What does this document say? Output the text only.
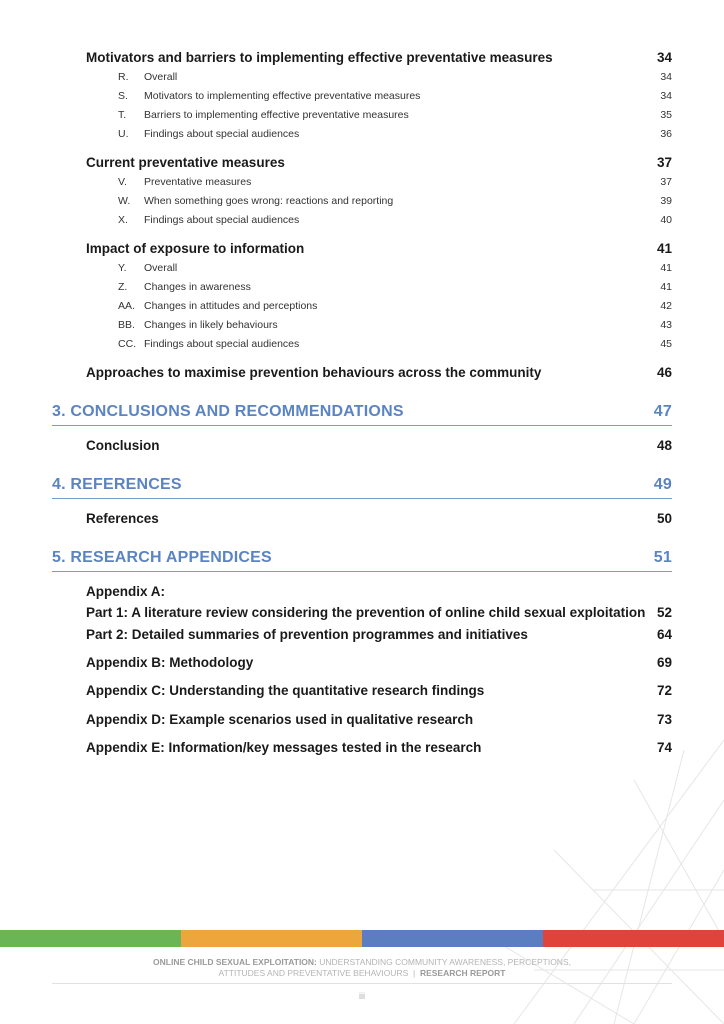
Motivators and barriers to implementing effective preventative measures	34
R.	Overall	34
S.	Motivators to implementing effective preventative measures	34
T.	Barriers to implementing effective preventative measures	35
U.	Findings about special audiences	36
Current preventative measures	37
V.	Preventative measures	37
W.	When something goes wrong: reactions and reporting	39
X.	Findings about special audiences	40
Impact of exposure to information	41
Y.	Overall	41
Z.	Changes in awareness	41
AA. Changes in attitudes and perceptions	42
BB. Changes in likely behaviours	43
CC. Findings about special audiences	45
Approaches to maximise prevention behaviours across the community	46
3. CONCLUSIONS AND RECOMMENDATIONS	47
Conclusion	48
4. REFERENCES	49
References	50
5. RESEARCH APPENDICES	51
Appendix A:
Part 1: A literature review considering the prevention of online child sexual exploitation 52
Part 2: Detailed summaries of prevention programmes and initiatives	64
Appendix B: Methodology	69
Appendix C: Understanding the quantitative research findings	72
Appendix D: Example scenarios used in qualitative research	73
Appendix E: Information/key messages tested in the research	74
ONLINE CHILD SEXUAL EXPLOITATION: UNDERSTANDING COMMUNITY AWARENESS, PERCEPTIONS,
ATTITUDES AND PREVENTATIVE BEHAVIOURS | RESEARCH REPORT
iii
